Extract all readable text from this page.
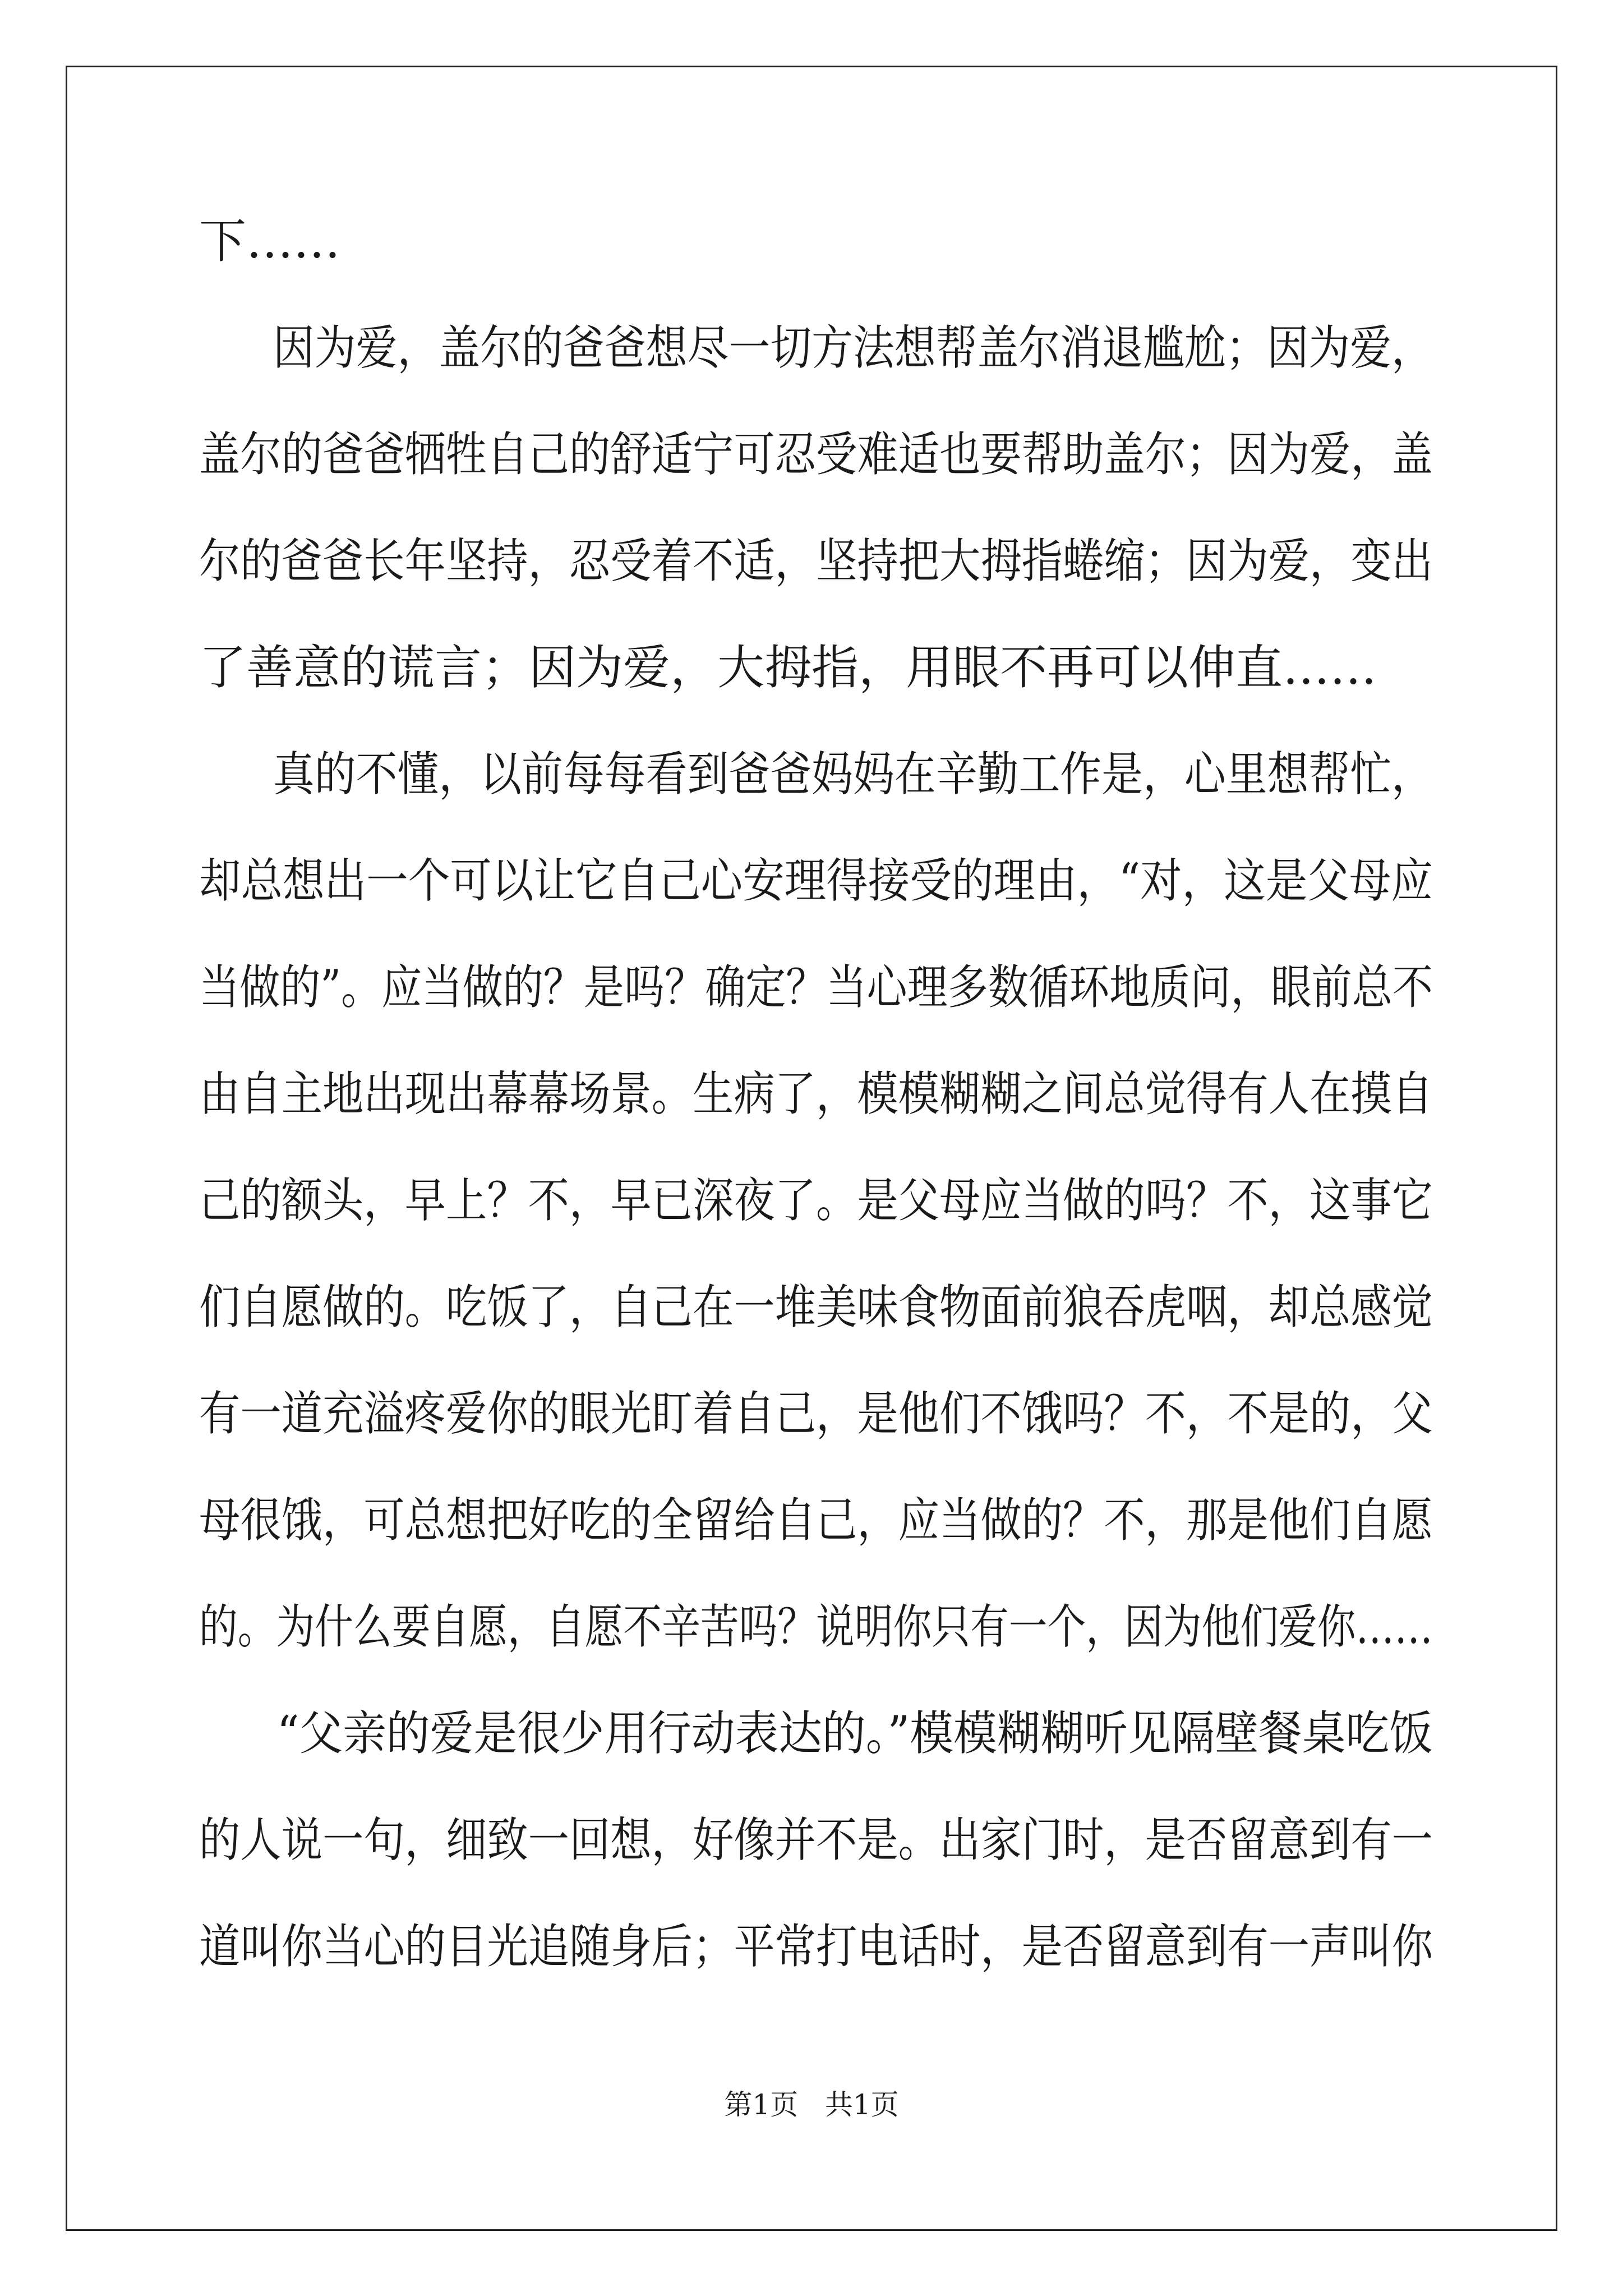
下……
因为爱，盖尔的爸爸想尽一切方法想帮盖尔消退尴尬；因为爱，
盖尔的爸爸牺牲自己的舒适宁可忍受难适也要帮助盖尔；因为爱，盖
尔的爸爸长年坚持，忍受着不适，坚持把大拇指蜷缩；因为爱，变出
了善意的谎言；因为爱，大拇指，用眼不再可以伸直……
真的不懂，以前每每看到爸爸妈妈在辛勤工作是，心里想帮忙，
却总想出一个可以让它自己心安理得接受的理由，“对，这是父母应
当做的”。应当做的？是吗？确定？当心理多数循环地质问，眼前总不
由自主地出现出幕幕场景。生病了，模模糊糊之间总觉得有人在摸自
己的额头，早上？不，早已深夜了。是父母应当做的吗？不，这事它
们自愿做的。吃饭了，自己在一堆美味食物面前狼吞虎咽，却总感觉
有一道充溢疼爱你的眼光盯着自己，是他们不饿吗？不，不是的，父
母很饿，可总想把好吃的全留给自己，应当做的？不，那是他们自愿
的。为什么要自愿，自愿不辛苦吗？说明你只有一个，因为他们爱你……
“父亲的爱是很少用行动表达的。”模模糊糊听见隔壁餐桌吃饭
的人说一句，细致一回想，好像并不是。出家门时，是否留意到有一
道叫你当心的目光追随身后；平常打电话时，是否留意到有一声叫你
第1页   共1页
